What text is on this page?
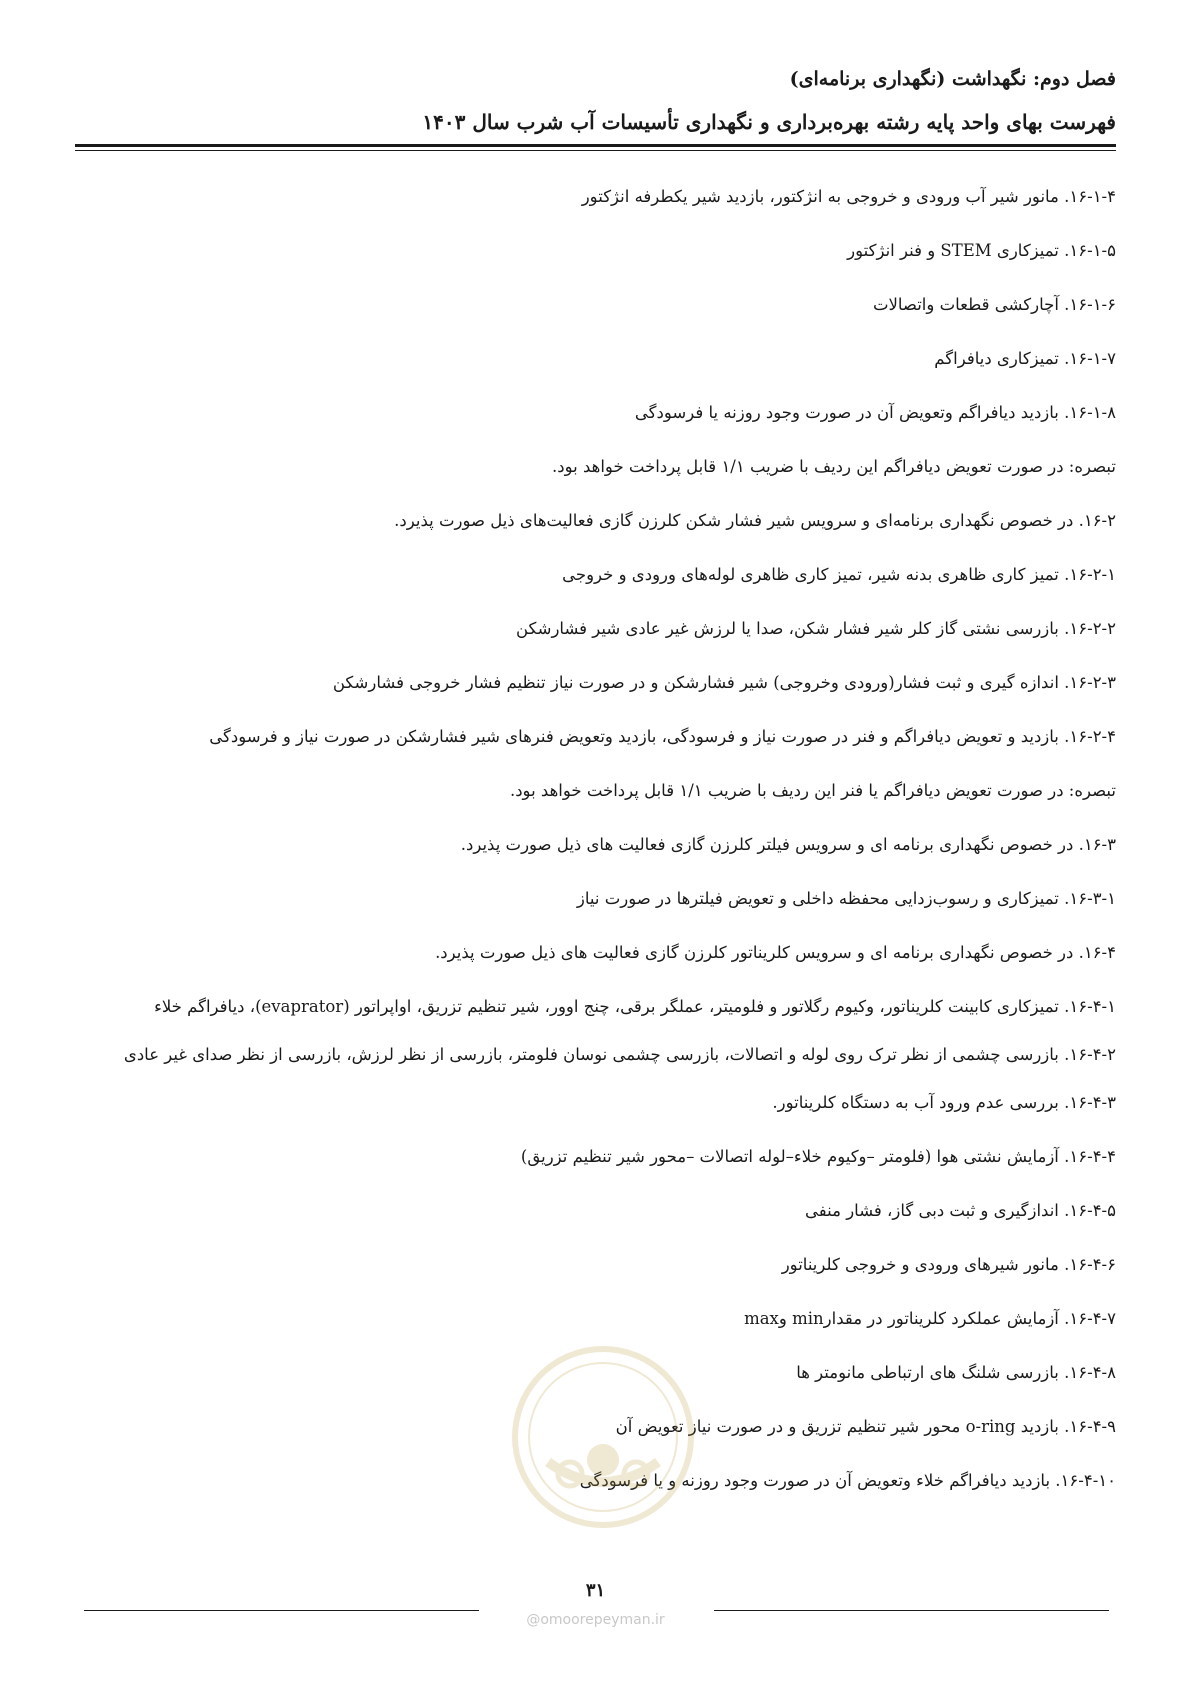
فصل دوم: نگهداشت (نگهداری برنامه‌ای)
فهرست بهای واحد پایه رشته بهره‌برداری و نگهداری تأسیسات آب شرب سال ۱۴۰۳
۱۶-۱-۴. مانور شیر آب ورودی و خروجی به انژکتور، بازدید شیر یکطرفه انژکتور
۱۶-۱-۵. تمیزکاری STEM و فنر انژکتور
۱۶-۱-۶. آچارکشی قطعات واتصالات
۱۶-۱-۷. تمیزکاری دیافراگم
۱۶-۱-۸. بازدید دیافراگم وتعویض آن در صورت وجود روزنه یا فرسودگی
تبصره: در صورت تعویض دیافراگم این ردیف با ضریب ۱/۱ قابل پرداخت خواهد بود.
۱۶-۲. در خصوص نگهداری برنامه‌ای و سرویس شیر فشار شکن کلرزن گازی فعالیت‌های ذیل صورت پذیرد.
۱۶-۲-۱. تمیز کاری ظاهری بدنه شیر، تمیز کاری ظاهری لوله‌های ورودی و خروجی
۱۶-۲-۲. بازرسی نشتی گاز کلر شیر فشار شکن، صدا یا لرزش غیر عادی شیر فشارشکن
۱۶-۲-۳. اندازه گیری و ثبت فشار(ورودی وخروجی) شیر فشارشکن و در صورت نیاز تنظیم فشار خروجی فشارشکن
۱۶-۲-۴. بازدید و تعویض دیافراگم و فنر در صورت نیاز و فرسودگی، بازدید وتعویض فنرهای شیر فشارشکن در صورت نیاز و فرسودگی
تبصره: در صورت تعویض دیافراگم یا فنر این ردیف با ضریب ۱/۱ قابل پرداخت خواهد بود.
۱۶-۳. در خصوص نگهداری برنامه ای و سرویس فیلتر کلرزن گازی فعالیت های ذیل صورت پذیرد.
۱۶-۳-۱. تمیزکاری و رسوب‌زدایی محفظه داخلی و تعویض فیلترها در صورت نیاز
۱۶-۴. در خصوص نگهداری برنامه ای و سرویس کلریناتور کلرزن گازی فعالیت های ذیل صورت پذیرد.
۱۶-۴-۱. تمیزکاری کابینت کلریناتور، وکیوم رگلاتور و فلومیتر، عملگر برقی، چنج اوور، شیر تنظیم تزریق، اواپراتور (evaprator)، دیافراگم خلاء
۱۶-۴-۲. بازرسی چشمی از نظر ترک روی لوله و اتصالات، بازرسی چشمی نوسان فلومتر، بازرسی از نظر لرزش، بازرسی از نظر صدای غیر عادی
۱۶-۴-۳. بررسی عدم ورود آب به دستگاه کلریناتور.
۱۶-۴-۴. آزمایش نشتی هوا (فلومتر –وکیوم خلاء–لوله اتصالات –محور شیر تنظیم تزریق)
۱۶-۴-۵. اندازگیری و ثبت دبی گاز، فشار منفی
۱۶-۴-۶. مانور شیرهای ورودی و خروجی کلریناتور
۱۶-۴-۷. آزمایش عملکرد کلریناتور در مقدارmin وmax
۱۶-۴-۸. بازرسی شلنگ های ارتباطی مانومتر ها
۱۶-۴-۹. بازدید o-ring محور شیر تنظیم تزریق و در صورت نیاز تعویض آن
۱۶-۴-۱۰. بازدید دیافراگم خلاء وتعویض آن در صورت وجود روزنه و یا فرسودگی
@omoorepeyman.ir
۳۱
